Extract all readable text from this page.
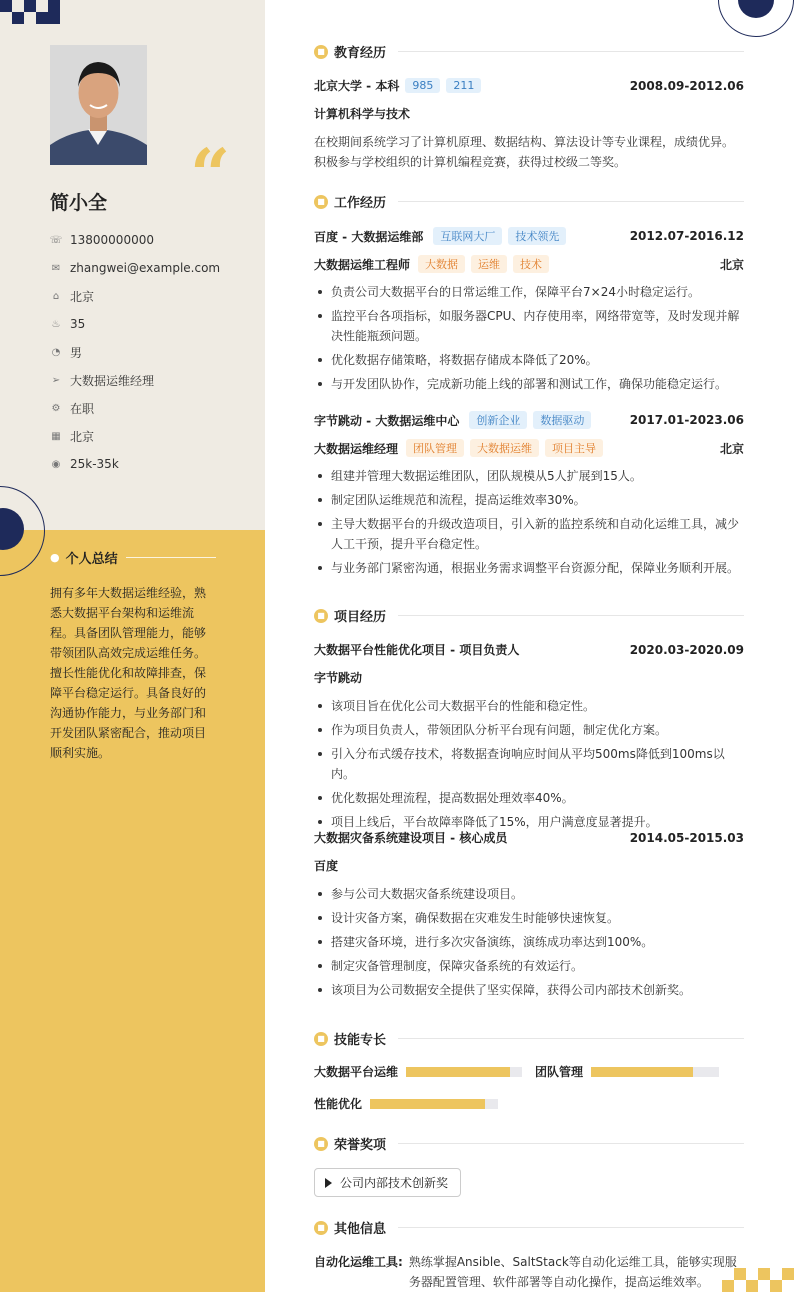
“
简小全
☏ 13800000000
✉ zhangwei@example.com
⌂ 北京
♨ 35
◔ 男
➢ 大数据运维经理
⚙ 在职
▦ 北京
◉ 25k-35k
● 个人总结
拥有多年大数据运维经验，熟悉大数据平台架构和运维流程。具备团队管理能力，能够带领团队高效完成运维任务。擅长性能优化和故障排查，保障平台稳定运行。具备良好的沟通协作能力，与业务部门和开发团队紧密配合，推动项目顺利实施。
■ 教育经历
北京大学 - 本科	985	211	2008.09-2012.06
计算机科学与技术
在校期间系统学习了计算机原理、数据结构、算法设计等专业课程，成绩优异。积极参与学校组织的计算机编程竞赛，获得过校级二等奖。
■ 工作经历
百度 - 大数据运维部	互联网大厂	技术领先	2012.07-2016.12
大数据运维工程师	大数据	运维	技术	北京
负责公司大数据平台的日常运维工作，保障平台7×24小时稳定运行。
监控平台各项指标，如服务器CPU、内存使用率，网络带宽等，及时发现并解决性能瓶颈问题。
优化数据存储策略，将数据存储成本降低了20%。
与开发团队协作，完成新功能上线的部署和测试工作，确保功能稳定运行。
字节跳动 - 大数据运维中心	创新企业	数据驱动	2017.01-2023.06
大数据运维经理	团队管理	大数据运维	项目主导	北京
组建并管理大数据运维团队，团队规模从5人扩展到15人。
制定团队运维规范和流程，提高运维效率30%。
主导大数据平台的升级改造项目，引入新的监控系统和自动化运维工具，减少人工干预，提升平台稳定性。
与业务部门紧密沟通，根据业务需求调整平台资源分配，保障业务顺利开展。
■ 项目经历
大数据平台性能优化项目 - 项目负责人	2020.03-2020.09
字节跳动
该项目旨在优化公司大数据平台的性能和稳定性。
作为项目负责人，带领团队分析平台现有问题，制定优化方案。
引入分布式缓存技术，将数据查询响应时间从平均500ms降低到100ms以内。
优化数据处理流程，提高数据处理效率40%。
项目上线后，平台故障率降低了15%，用户满意度显著提升。
大数据灾备系统建设项目 - 核心成员	2014.05-2015.03
百度
参与公司大数据灾备系统建设项目。
设计灾备方案，确保数据在灾难发生时能够快速恢复。
搭建灾备环境，进行多次灾备演练，演练成功率达到100%。
制定灾备管理制度，保障灾备系统的有效运行。
该项目为公司数据安全提供了坚实保障，获得公司内部技术创新奖。
■ 技能专长
大数据平台运维	团队管理
性能优化
■ 荣誉奖项
公司内部技术创新奖
■ 其他信息
自动化运维工具: 熟练掌握Ansible、SaltStack等自动化运维工具，能够实现服务器配置管理、软件部署等自动化操作，提高运维效率。
